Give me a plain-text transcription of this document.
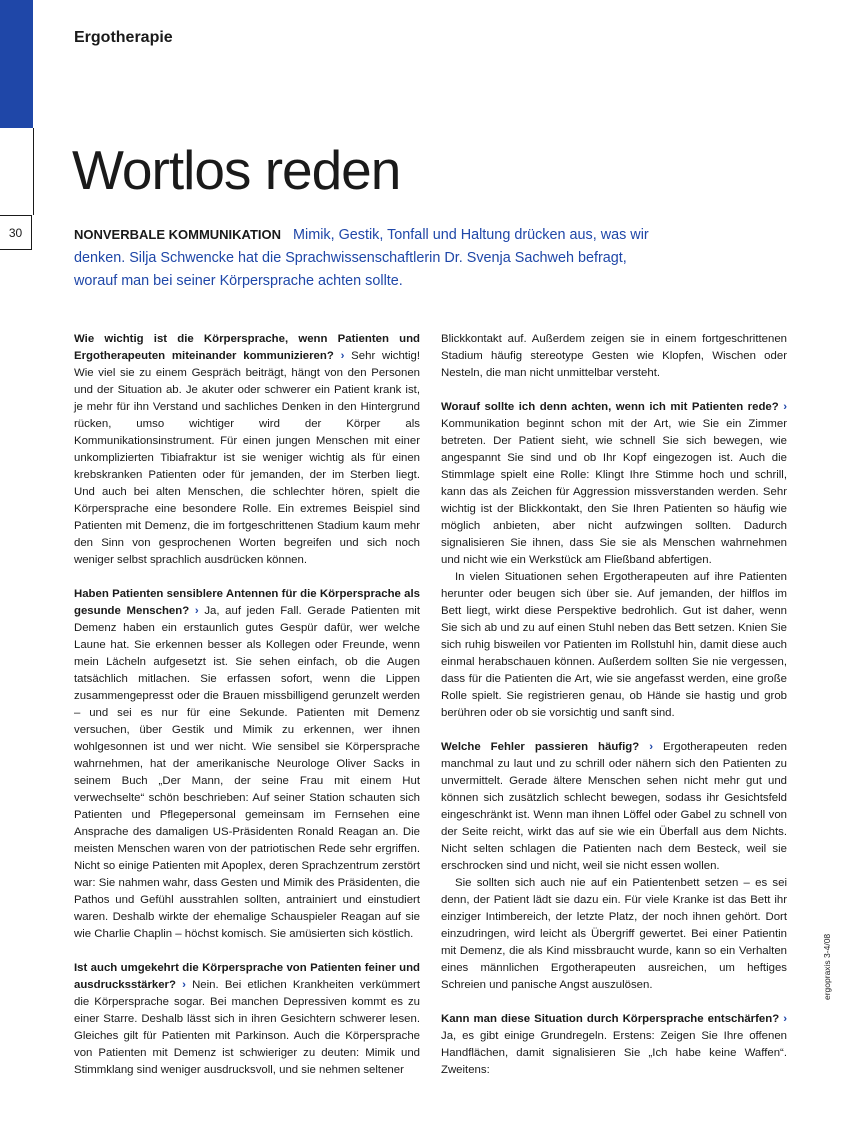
30
Ergotherapie
Wortlos reden
NONVERBALE KOMMUNIKATION Mimik, Gestik, Tonfall und Haltung drücken aus, was wir denken. Silja Schwencke hat die Sprachwissenschaftlerin Dr. Svenja Sachweh befragt, worauf man bei seiner Körpersprache achten sollte.

Wie wichtig ist die Körpersprache, wenn Patienten und Ergotherapeuten miteinander kommunizieren? › Sehr wichtig! Wie viel sie zu einem Gespräch beiträgt, hängt von den Personen und der Situation ab. Je akuter oder schwerer ein Patient krank ist, je mehr für ihn Verstand und sachliches Denken in den Hintergrund rücken, umso wichtiger wird der Körper als Kommunikationsinstrument. Für einen jungen Menschen mit einer unkomplizierten Tibiafraktur ist sie weniger wichtig als für einen krebskranken Patienten oder für jemanden, der im Sterben liegt. Und auch bei alten Menschen, die schlechter hören, spielt die Körpersprache eine besondere Rolle. Ein extremes Beispiel sind Patienten mit Demenz, die im fortgeschrittenen Stadium kaum mehr den Sinn von gesprochenen Worten begreifen und sich noch weniger selbst sprachlich ausdrücken können.

Haben Patienten sensiblere Antennen für die Körpersprache als gesunde Menschen? › Ja, auf jeden Fall. Gerade Patienten mit Demenz haben ein erstaunlich gutes Gespür dafür, wer welche Laune hat. Sie erkennen besser als Kollegen oder Freunde, wenn mein Lächeln aufgesetzt ist. Sie sehen einfach, ob die Augen tatsächlich mitlachen. Sie erfassen sofort, wenn die Lippen zusammengepresst oder die Brauen missbilligend gerunzelt werden – und sei es nur für eine Sekunde. Patienten mit Demenz versuchen, über Gestik und Mimik zu erkennen, wer ihnen wohlgesonnen ist und wer nicht. Wie sensibel sie Körpersprache wahrnehmen, hat der amerikanische Neurologe Oliver Sacks in seinem Buch „Der Mann, der seine Frau mit einem Hut verwechselte“ schön beschrieben: Auf seiner Station schauten sich Patienten und Pflegepersonal gemeinsam im Fernsehen eine Ansprache des damaligen US-Präsidenten Ronald Reagan an. Die meisten Menschen waren von der patriotischen Rede sehr ergriffen. Nicht so einige Patienten mit Apoplex, deren Sprachzentrum zerstört war: Sie nahmen wahr, dass Gesten und Mimik des Präsidenten, die Pathos und Gefühl ausstrahlen sollten, antrainiert und einstudiert waren. Deshalb wirkte der ehemalige Schauspieler Reagan auf sie wie Charlie Chaplin – höchst komisch. Sie amüsierten sich köstlich.

Ist auch umgekehrt die Körpersprache von Patienten feiner und ausdrucksstärker? › Nein. Bei etlichen Krankheiten verkümmert die Körpersprache sogar. Bei manchen Depressiven kommt es zu einer Starre. Deshalb lässt sich in ihren Gesichtern schwerer lesen. Gleiches gilt für Patienten mit Parkinson. Auch die Körpersprache von Patienten mit Demenz ist schwieriger zu deuten: Mimik und Stimmklang sind weniger ausdrucksvoll, und sie nehmen seltener

Blickkontakt auf. Außerdem zeigen sie in einem fortgeschrittenen Stadium häufig stereotype Gesten wie Klopfen, Wischen oder Nesteln, die man nicht unmittelbar versteht.

Worauf sollte ich denn achten, wenn ich mit Patienten rede? › Kommunikation beginnt schon mit der Art, wie Sie ein Zimmer betreten. Der Patient sieht, wie schnell Sie sich bewegen, wie angespannt Sie sind und ob Ihr Kopf eingezogen ist. Auch die Stimmlage spielt eine Rolle: Klingt Ihre Stimme hoch und schrill, kann das als Zeichen für Aggression missverstanden werden. Sehr wichtig ist der Blickkontakt, den Sie Ihren Patienten so häufig wie möglich anbieten, aber nicht aufzwingen sollten. Dadurch signalisieren Sie ihnen, dass Sie sie als Menschen wahrnehmen und nicht wie ein Werkstück am Fließband abfertigen.

In vielen Situationen sehen Ergotherapeuten auf ihre Patienten herunter oder beugen sich über sie. Auf jemanden, der hilflos im Bett liegt, wirkt diese Perspektive bedrohlich. Gut ist daher, wenn Sie sich ab und zu auf einen Stuhl neben das Bett setzen. Knien Sie sich ruhig bisweilen vor Patienten im Rollstuhl hin, damit diese auch einmal herabschauen können. Außerdem sollten Sie nie vergessen, dass für die Patienten die Art, wie sie angefasst werden, eine große Rolle spielt. Sie registrieren genau, ob Hände sie hastig und grob berühren oder ob sie vorsichtig und sanft sind.

Welche Fehler passieren häufig? › Ergotherapeuten reden manchmal zu laut und zu schrill oder nähern sich den Patienten zu unvermittelt. Gerade ältere Menschen sehen nicht mehr gut und können sich zusätzlich schlecht bewegen, sodass ihr Gesichtsfeld eingeschränkt ist. Wenn man ihnen Löffel oder Gabel zu schnell von der Seite reicht, wirkt das auf sie wie ein Überfall aus dem Nichts. Nicht selten schlagen die Patienten nach dem Besteck, weil sie erschrocken sind und nicht, weil sie nicht essen wollen.

Sie sollten sich auch nie auf ein Patientenbett setzen – es sei denn, der Patient lädt sie dazu ein. Für viele Kranke ist das Bett ihr einziger Intimbereich, der letzte Platz, der noch ihnen gehört. Dort einzudringen, wird leicht als Übergriff gewertet. Bei einer Patientin mit Demenz, die als Kind missbraucht wurde, kann so ein Verhalten eines männlichen Ergotherapeuten ausreichen, um heftiges Schreien und panische Angst auszulösen.

Kann man diese Situation durch Körpersprache entschärfen? › Ja, es gibt einige Grundregeln. Erstens: Zeigen Sie Ihre offenen Handflächen, damit signalisieren Sie „Ich habe keine Waffen“. Zweitens:

ergopraxis 3-4/08
